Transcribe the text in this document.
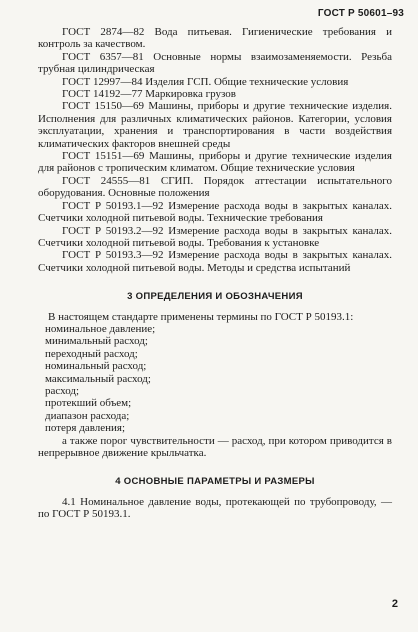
ГОСТ Р 50601–93

ГОСТ 2874—82 Вода питьевая. Гигиенические требования и контроль за качеством.

ГОСТ 6357—81 Основные нормы взаимозаменяемости. Резьба трубная цилиндрическая

ГОСТ 12997—84 Изделия ГСП. Общие технические условия

ГОСТ 14192—77 Маркировка грузов

ГОСТ 15150—69 Машины, приборы и другие технические изделия. Исполнения для различных климатических районов. Категории, условия эксплуатации, хранения и транспортирования в части воздействия климатических факторов внешней среды

ГОСТ 15151—69 Машины, приборы и другие технические изделия для районов с тропическим климатом. Общие технические условия

ГОСТ 24555—81 СГИП. Порядок аттестации испытательного оборудования. Основные положения

ГОСТ Р 50193.1—92 Измерение расхода воды в закрытых каналах. Счетчики холодной питьевой воды. Технические требования

ГОСТ Р 50193.2—92 Измерение расхода воды в закрытых каналах. Счетчики холодной питьевой воды. Требования к установке

ГОСТ Р 50193.3—92 Измерение расхода воды в закрытых каналах. Счетчики холодной питьевой воды. Методы и средства испытаний

3 ОПРЕДЕЛЕНИЯ И ОБОЗНАЧЕНИЯ

В настоящем стандарте применены термины по ГОСТ Р 50193.1:

номинальное давление;

минимальный расход;

переходный расход;

номинальный расход;

максимальный расход;

расход;

протекший объем;

диапазон расхода;

потеря давления;

а также порог чувствительности — расход, при котором приводится в непрерывное движение крыльчатка.

4 ОСНОВНЫЕ ПАРАМЕТРЫ И РАЗМЕРЫ

4.1 Номинальное давление воды, протекающей по трубопроводу, — по ГОСТ Р 50193.1.

2
